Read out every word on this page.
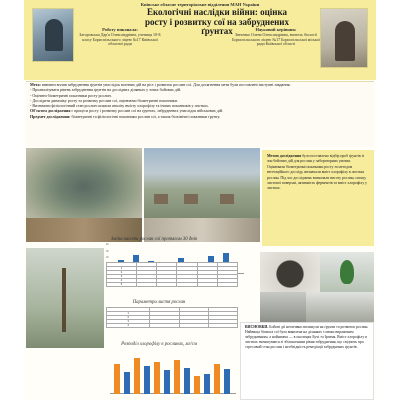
Київське обласне територіальне відділення МАН України
Екологічні наслідки війни: оцінка росту і розвитку сої на забруднених ґрунтах
Роботу виконала:
Загоровська Дар'я Олександрівна, учениця 10-Б класу Бориспільського ліцею №17 Київської обласної ради
Науковий керівник:
Зінченко Олена Олександрівна, вчитель біології Бориспільського ліцею №17 Бориспільської міської ради Київської області

Мета: вивчити вплив забруднення ґрунтів унаслідок воєнних дій на ріст і розвиток рослин сої. Для досягнення мети були поставлені наступні завдання:

- Проаналізувати рівень забруднення ґрунтів на дослідних ділянках у зонах бойових дій.

- Оцінити біометричні показники росту рослин.

- Дослідити динаміку росту та розвитку рослин сої, оцінюючи біометричні показники.

- Визначити фізіологічний стан рослин шляхом аналізу вмісту хлорофілу та інших показників у листках.

Об'єктом дослідження є процеси росту і розвитку рослин сої на ґрунтах, забруднених унаслідок військових дій.

Предмет дослідження: біометричні та фізіологічні показники рослин сої, а також біохімічні показники ґрунту.

Метою дослідження було поставлено відбір проб ґрунтів із зон бойових дій для рослин у лабораторних умовах. Оцінювали біометричні показники росту за методом вегетаційного досліду, визначали вміст хлорофілу в листках рослин. Під час досліджень визначали висоту рослин, площу листової поверхні, активність ферментів та вміст хлорофілу у листках.
Зміна висоти рослин сої протягом 30 днів
40
30
20

1					
2					
3					
4					
5					
Параметри листя рослин

1			
2			
3			
4			
Розподіл хлорофілу в рослинах, мг/см
ВИСНОВКИ. Бойові дії негативно вплинули на ґрунти та розвиток рослин. Найвища біомаса сої була виявлена на ділянках з менш вираженим забрудненням, а найнижча — в околицях Бучі та Ірпеня. Вміст хлорофілу в листках зменшувався зі збільшенням рівня забруднення, що свідчить про стресовий стан рослин і необхідність ремедіації забруднених ґрунтів.
